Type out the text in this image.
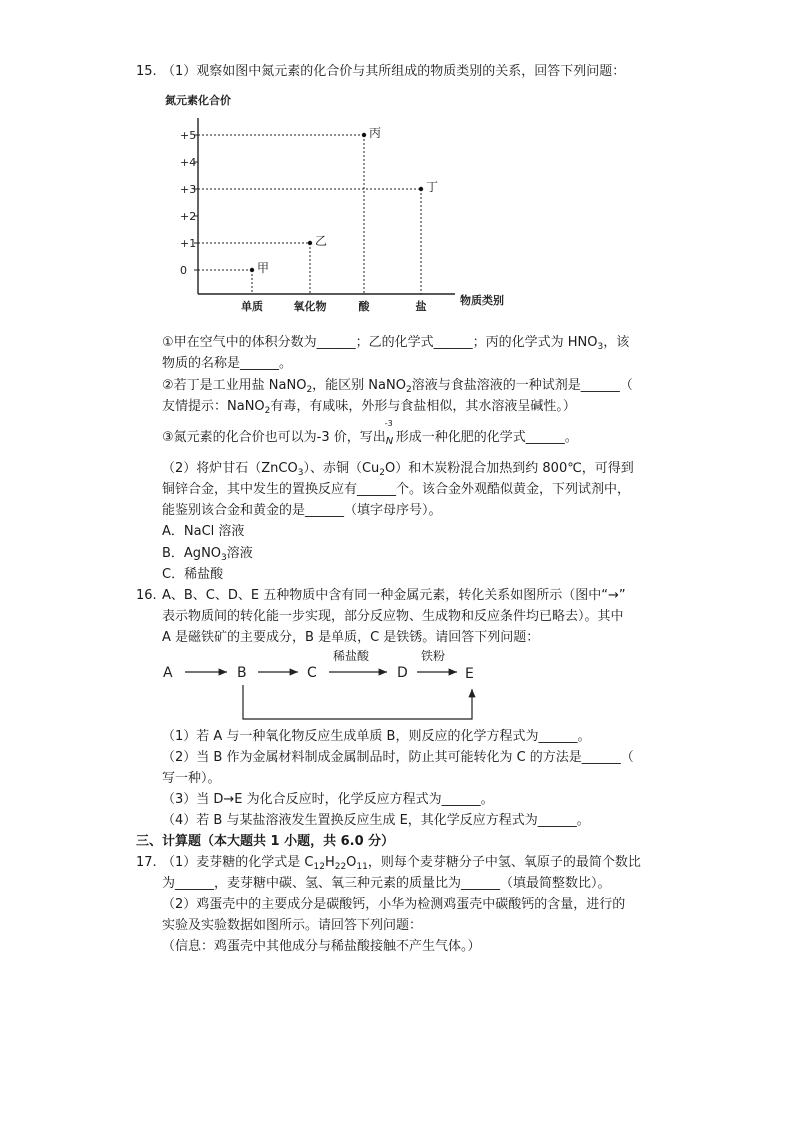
15. （1）观察如图中氮元素的化合价与其所组成的物质类别的关系，回答下列问题：
氮元素化合价
+5
+4
+3
+2
+1
0
单质	氧化物	酸	盐
甲
乙
丙
丁
物质类别
①甲在空气中的体积分数为______；乙的化学式______；丙的化学式为 $HNO_3$，该
物质的名称是______。
②若丁是工业用盐 NaNO$_2$，能区别 NaNO$_2$溶液与食盐溶液的一种试剂是______（
友情提示：NaNO$_2$有毒，有咸味，外形与食盐相似，其水溶液呈碱性。）
③氮元素的化合价也可以为-3 价，写出
-3
$_N$ 形成一种化肥的化学式______。
（2）将炉甘石（ZnCO$_3$）、赤铜$(Cu_2O)$和木炭粉混合加热到约 800℃，可得到
铜锌合金，其中发生的置换反应有______个。该合金外观酷似黄金，下列试剂中，
能鉴别该合金和黄金的是______（填字母序号）。
A．NaCl 溶液
B．AgNO$_3$溶液
C．稀盐酸
16. A、B、C、D、E 五种物质中含有同一种金属元素，转化关系如图所示（图中“→”
表示物质间的转化能一步实现，部分反应物、生成物和反应条件均已略去）。其中
A 是磁铁矿的主要成分，B 是单质，C 是铁锈。请回答下列问题：
A	B	C
稀盐酸
D
铁粉
E
（1）若 A 与一种氧化物反应生成单质 B，则反应的化学方程式为______。
（2）当 B 作为金属材料制成金属制品时，防止其可能转化为 C 的方法是______（
写一种）。
（3）当 D→E 为化合反应时，化学反应方程式为______。
（4）若 B 与某盐溶液发生置换反应生成 E，其化学反应方程式为______。
三、计算题（本大题共 1 小题，共 6.0 分）
17. （1）麦芽糖的化学式是 $C_{12}H_{22}O_{11}$，则每个麦芽糖分子中氢、氧原子的最简个数比
为______，麦芽糖中碳、氢、氧三种元素的质量比为______（填最简整数比）。
（2）鸡蛋壳中的主要成分是碳酸钙，小华为检测鸡蛋壳中碳酸钙的含量，进行的
实验及实验数据如图所示。请回答下列问题：
（信息：鸡蛋壳中其他成分与稀盐酸接触不产生气体。）
